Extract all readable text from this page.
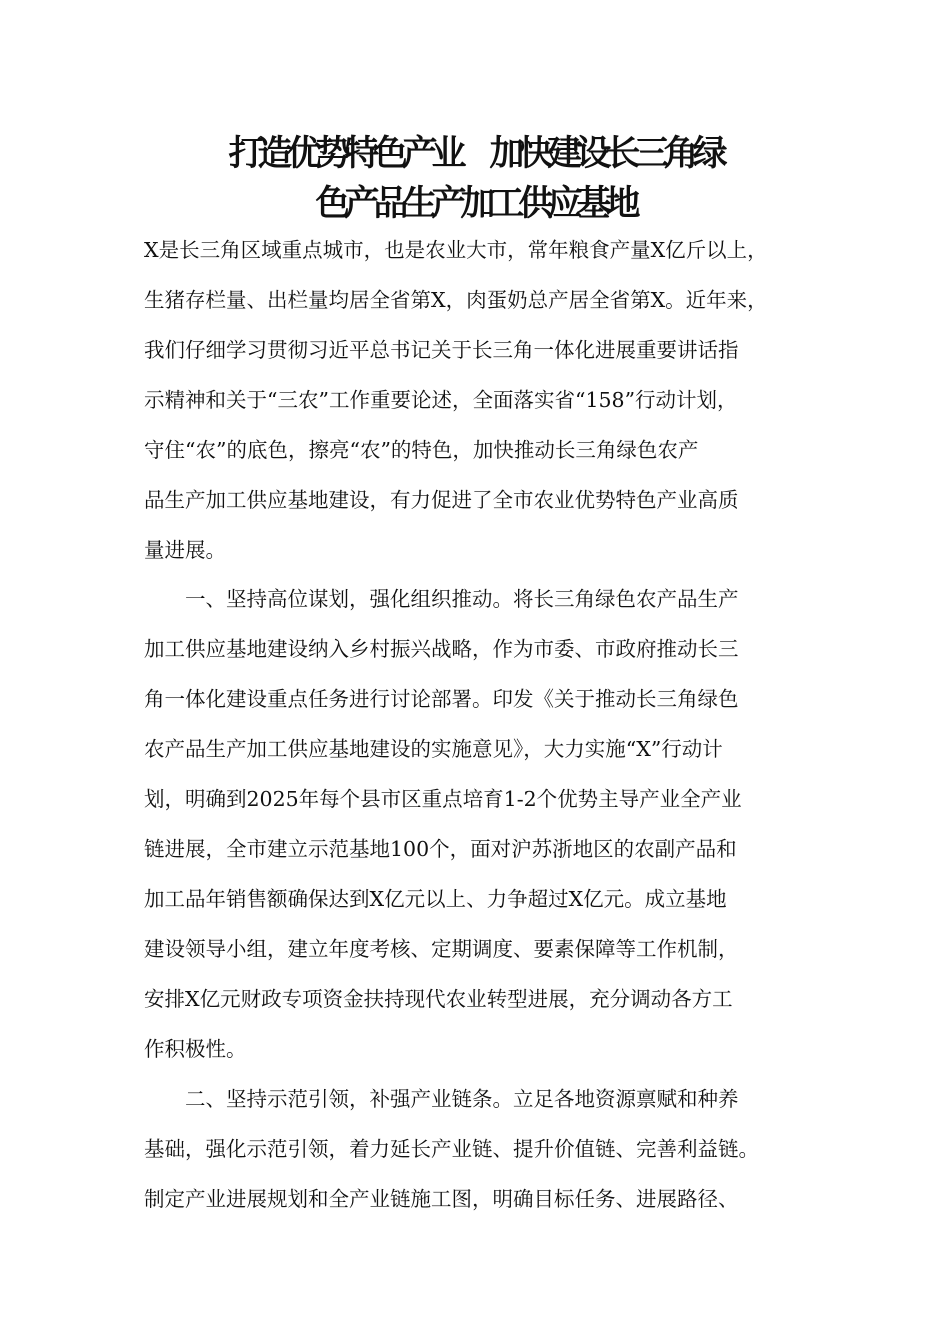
打造优势特色产业　加快建设长三角绿
色产品生产加工供应基地
X是长三角区域重点城市，也是农业大市，常年粮食产量X亿斤以上，
生猪存栏量、出栏量均居全省第X，肉蛋奶总产居全省第X。近年来，
我们仔细学习贯彻习近平总书记关于长三角一体化进展重要讲话指
示精神和关于“三农”工作重要论述，全面落实省“158”行动计划，
守住“农”的底色，擦亮“农”的特色，加快推动长三角绿色农产
品生产加工供应基地建设，有力促进了全市农业优势特色产业高质
量进展。
　　一、坚持高位谋划，强化组织推动。将长三角绿色农产品生产
加工供应基地建设纳入乡村振兴战略，作为市委、市政府推动长三
角一体化建设重点任务进行讨论部署。印发《关于推动长三角绿色
农产品生产加工供应基地建设的实施意见》，大力实施“X”行动计
划，明确到2025年每个县市区重点培育1-2个优势主导产业全产业
链进展，全市建立示范基地100个，面对沪苏浙地区的农副产品和
加工品年销售额确保达到X亿元以上、力争超过X亿元。成立基地
建设领导小组，建立年度考核、定期调度、要素保障等工作机制，
安排X亿元财政专项资金扶持现代农业转型进展，充分调动各方工
作积极性。
　　二、坚持示范引领，补强产业链条。立足各地资源禀赋和种养
基础，强化示范引领，着力延长产业链、提升价值链、完善利益链。
制定产业进展规划和全产业链施工图，明确目标任务、进展路径、
